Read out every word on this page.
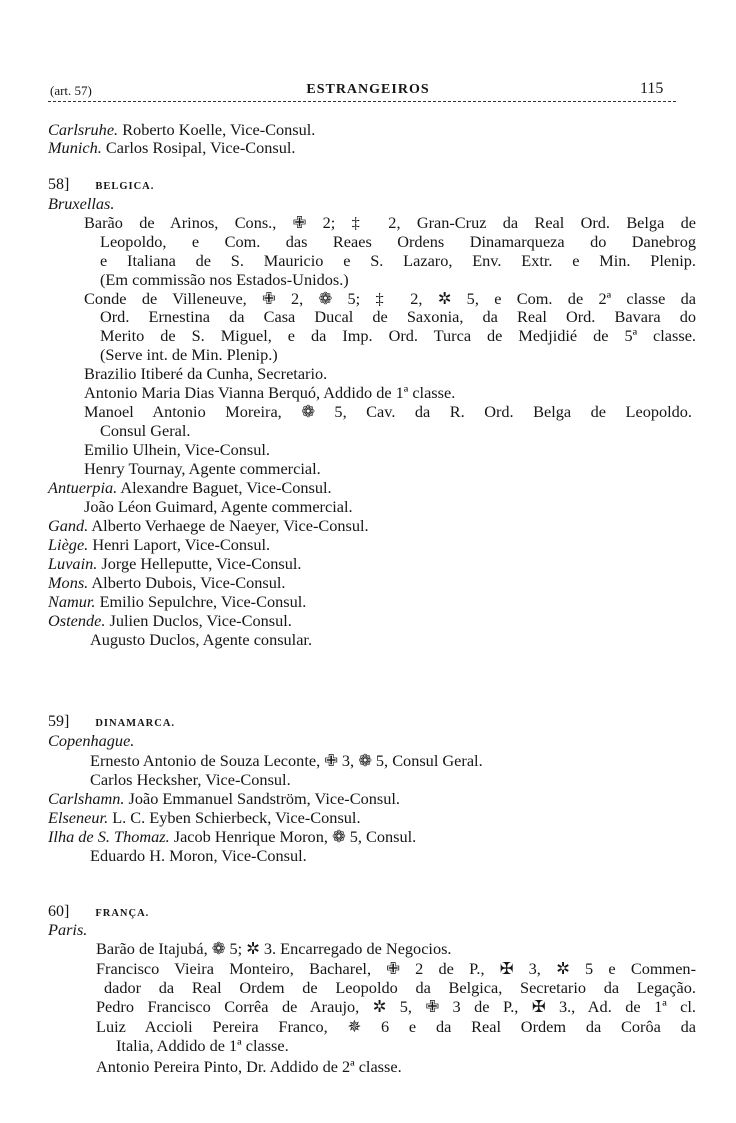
(art. 57)	ESTRANGEIROS	115
Carlsruhe. Roberto Koelle, Vice-Consul.
Munich. Carlos Rosipal, Vice-Consul.
58] BELGICA.
Bruxellas.
Barão de Arinos, Cons., ✙ 2; ‡ 2, Gran-Cruz da Real Ord. Belga de
Leopoldo, e Com. das Reaes Ordens Dinamarqueza do Danebrog
e Italiana de S. Mauricio e S. Lazaro, Env. Extr. e Min. Plenip.
(Em commissão nos Estados-Unidos.)
Conde de Villeneuve, ✙ 2, ❁ 5; ‡ 2, ✲ 5, e Com. de 2ª classe da
Ord. Ernestina da Casa Ducal de Saxonia, da Real Ord. Bavara do
Merito de S. Miguel, e da Imp. Ord. Turca de Medjidié de 5ª classe.
(Serve int. de Min. Plenip.)
Brazilio Itiberé da Cunha, Secretario.
Antonio Maria Dias Vianna Berquó, Addido de 1ª classe.
Manoel Antonio Moreira, ❁ 5, Cav. da R. Ord. Belga de Leopoldo.
Consul Geral.
Emilio Ulhein, Vice-Consul.
Henry Tournay, Agente commercial.
Antuerpia. Alexandre Baguet, Vice-Consul.
João Léon Guimard, Agente commercial.
Gand. Alberto Verhaege de Naeyer, Vice-Consul.
Liège. Henri Laport, Vice-Consul.
Luvain. Jorge Helleputte, Vice-Consul.
Mons. Alberto Dubois, Vice-Consul.
Namur. Emilio Sepulchre, Vice-Consul.
Ostende. Julien Duclos, Vice-Consul.
Augusto Duclos, Agente consular.
59] DINAMARCA.
Copenhague.
Ernesto Antonio de Souza Leconte, ✙ 3, ❁ 5, Consul Geral.
Carlos Hecksher, Vice-Consul.
Carlshamn. João Emmanuel Sandström, Vice-Consul.
Elseneur. L. C. Eyben Schierbeck, Vice-Consul.
Ilha de S. Thomaz. Jacob Henrique Moron, ❁ 5, Consul.
Eduardo H. Moron, Vice-Consul.
60] FRANÇA.
Paris.
Barão de Itajubá, ❁ 5; ✲ 3. Encarregado de Negocios.
Francisco Vieira Monteiro, Bacharel, ✙ 2 de P., ✠ 3, ✲ 5 e Commen-
dador da Real Ordem de Leopoldo da Belgica, Secretario da Legação.
Pedro Francisco Corrêa de Araujo, ✲ 5, ✙ 3 de P., ✠ 3., Ad. de 1ª cl.
Luiz Accioli Pereira Franco, ✵ 6 e da Real Ordem da Corôa da
Italia, Addido de 1ª classe.
Antonio Pereira Pinto, Dr. Addido de 2ª classe.
